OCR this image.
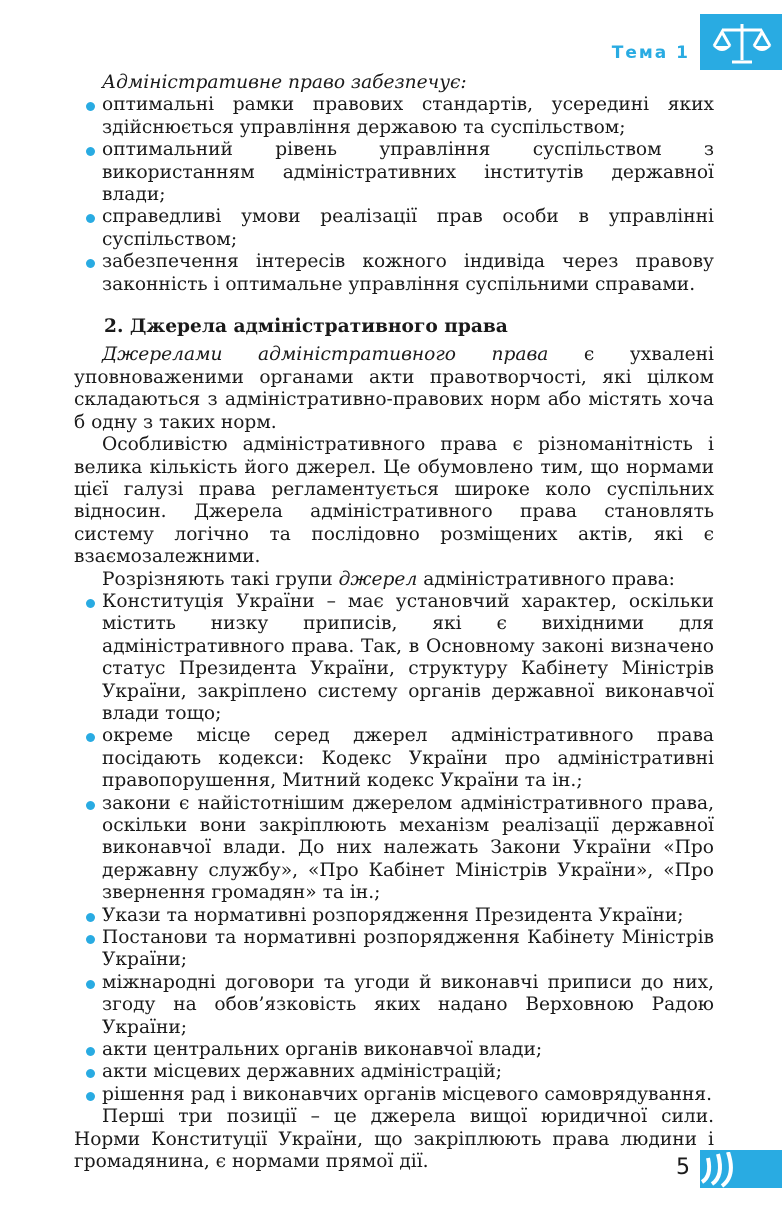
Тема 1

Адміністративне право забезпечує:

оптимальні рамки правових стандартів, усередині яких здійснюється управління державою та суспільством;
оптимальний рівень управління суспільством з використанням адміністративних інститутів державної влади;
справедливі умови реалізації прав особи в управлінні суспільством;
забезпечення інтересів кожного індивіда через правову законність і оптимальне управління суспільними справами.
2. Джерела адміністративного права

Джерелами адміністративного права є ухвалені уповноваженими органами акти правотворчості, які цілком складаються з адміністративно-правових норм або містять хоча б одну з таких норм.

Особливістю адміністративного права є різноманітність і велика кількість його джерел. Це обумовлено тим, що нормами цієї галузі права регламентується широке коло суспільних відносин. Джерела адміністративного права становлять систему логічно та послідовно розміщених актів, які є взаємозалежними.

Розрізняють такі групи джерел адміністративного права:

Конституція України – має установчий характер, оскільки містить низку приписів, які є вихідними для адміністративного права. Так, в Основному законі визначено статус Президента України, структуру Кабінету Міністрів України, закріплено систему органів державної виконавчої влади тощо;
окреме місце серед джерел адміністративного права посідають кодекси: Кодекс України про адміністративні правопорушення, Митний кодекс України та ін.;
закони є найістотнішим джерелом адміністративного права, оскільки вони закріплюють механізм реалізації державної виконавчої влади. До них належать Закони України «Про державну службу», «Про Кабінет Міністрів України», «Про звернення громадян» та ін.;
Укази та нормативні розпорядження Президента України;
Постанови та нормативні розпорядження Кабінету Міністрів України;
міжнародні договори та угоди й виконавчі приписи до них, згоду на обов’язковість яких надано Верховною Радою України;
акти центральних органів виконавчої влади;
акти місцевих державних адміністрацій;
рішення рад і виконавчих органів місцевого самоврядування.

Перші три позиції – це джерела вищої юридичної сили. Норми Конституції України, що закріплюють права людини і громадянина, є нормами прямої дії.	5
